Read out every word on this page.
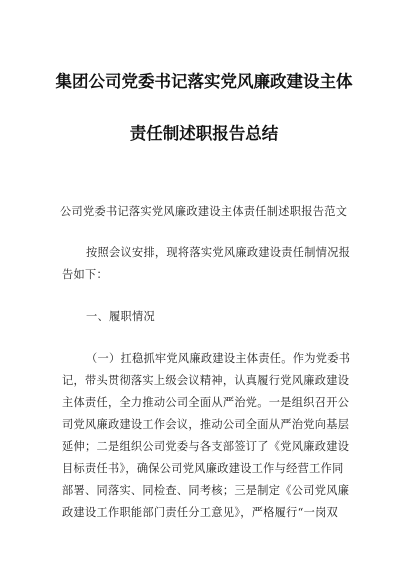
集团公司党委书记落实党风廉政建设主体
责任制述职报告总结
公司党委书记落实党风廉政建设主体责任制述职报告范文
按照会议安排，现将落实党风廉政建设责任制情况报
告如下：
一、履职情况
（一）扛稳抓牢党风廉政建设主体责任。作为党委书
记，带头贯彻落实上级会议精神，认真履行党风廉政建设
主体责任，全力推动公司全面从严治党。一是组织召开公
司党风廉政建设工作会议，推动公司全面从严治党向基层
延伸；二是组织公司党委与各支部签订了《党风廉政建设
目标责任书》，确保公司党风廉政建设工作与经营工作同
部署、同落实、同检查、同考核；三是制定《公司党风廉
政建设工作职能部门责任分工意见》，严格履行“一岗双
